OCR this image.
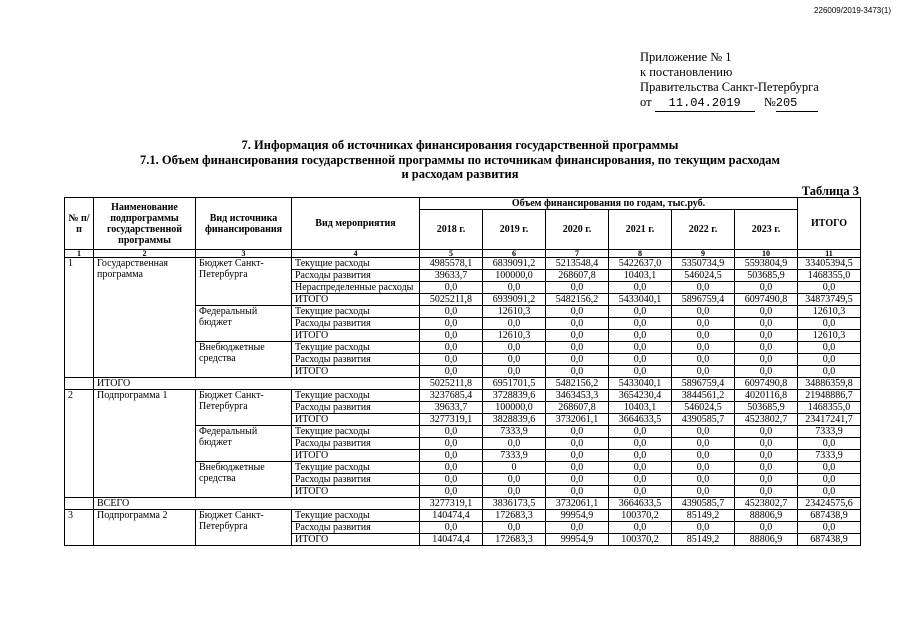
226009/2019-3473(1)
Приложение № 1
к постановлению
Правительства Санкт-Петербурга
от 11.04.2019 №205
7. Информация об источниках финансирования государственной программы
7.1. Объем финансирования государственной программы по источникам финансирования, по текущим расходам
и расходам развития
Таблица 3
№ п/п	Наименование подпрограммы государственной программы	Вид источника финансирования	Вид мероприятия	Объем финансирования по годам, тыс.руб.						ИТОГО
				2018 г.	2019 г.	2020 г.	2021 г.	2022 г.	2023 г.	
1	2	3	4	5	6	7	8	9	10	11
1	Государственная программа	Бюджет Санкт-Петербурга	Текущие расходы	4985578,1	6839091,2	5213548,4	5422637,0	5350734,9	5593804,9	33405394,5
			Расходы развития	39633,7	100000,0	268607,8	10403,1	546024,5	503685,9	1468355,0
			Нераспределенные расходы	0,0	0,0	0,0	0,0	0,0	0,0	0,0
			ИТОГО	5025211,8	6939091,2	5482156,2	5433040,1	5896759,4	6097490,8	34873749,5
		Федеральный бюджет	Текущие расходы	0,0	12610,3	0,0	0,0	0,0	0,0	12610,3
			Расходы развития	0,0	0,0	0,0	0,0	0,0	0,0	0,0
			ИТОГО	0,0	12610,3	0,0	0,0	0,0	0,0	12610,3
		Внебюджетные средства	Текущие расходы	0,0	0,0	0,0	0,0	0,0	0,0	0,0
			Расходы развития	0,0	0,0	0,0	0,0	0,0	0,0	0,0
			ИТОГО	0,0	0,0	0,0	0,0	0,0	0,0	0,0
	ИТОГО			5025211,8	6951701,5	5482156,2	5433040,1	5896759,4	6097490,8	34886359,8
2	Подпрограмма 1	Бюджет Санкт-Петербурга	Текущие расходы	3237685,4	3728839,6	3463453,3	3654230,4	3844561,2	4020116,8	21948886,7
			Расходы развития	39633,7	100000,0	268607,8	10403,1	546024,5	503685,9	1468355,0
			ИТОГО	3277319,1	3828839,6	3732061,1	3664633,5	4390585,7	4523802,7	23417241,7
		Федеральный бюджет	Текущие расходы	0,0	7333,9	0,0	0,0	0,0	0,0	7333,9
			Расходы развития	0,0	0,0	0,0	0,0	0,0	0,0	0,0
			ИТОГО	0,0	7333,9	0,0	0,0	0,0	0,0	7333,9
		Внебюджетные средства	Текущие расходы	0,0	0	0,0	0,0	0,0	0,0	0,0
			Расходы развития	0,0	0,0	0,0	0,0	0,0	0,0	0,0
			ИТОГО	0,0	0,0	0,0	0,0	0,0	0,0	0,0
	ВСЕГО			3277319,1	3836173,5	3732061,1	3664633,5	4390585,7	4523802,7	23424575,6
3	Подпрограмма 2	Бюджет Санкт-Петербурга	Текущие расходы	140474,4	172683,3	99954,9	100370,2	85149,2	88806,9	687438,9
			Расходы развития	0,0	0,0	0,0	0,0	0,0	0,0	0,0
			ИТОГО	140474,4	172683,3	99954,9	100370,2	85149,2	88806,9	687438,9
